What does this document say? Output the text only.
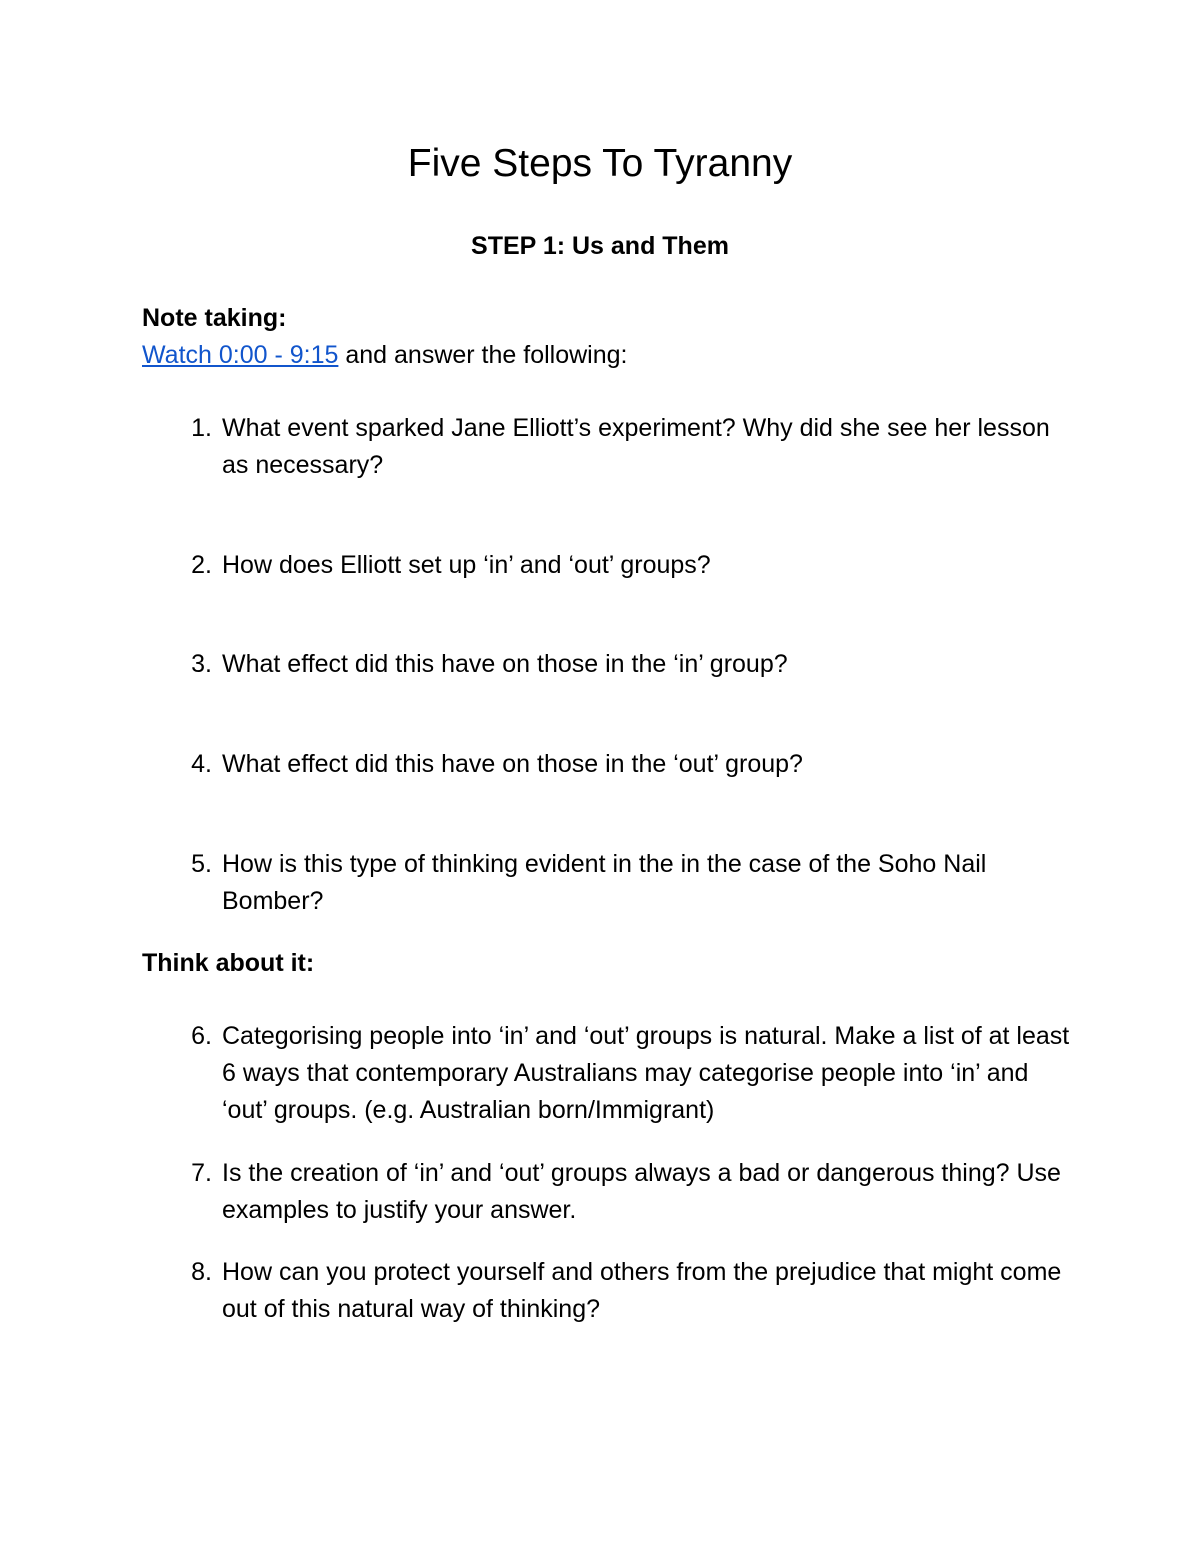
Five Steps To Tyranny
STEP 1: Us and Them

Note taking:

Watch 0:00 - 9:15 and answer the following:

1. What event sparked Jane Elliott’s experiment? Why did she see her lesson as necessary?
2. How does Elliott set up ‘in’ and ‘out’ groups?
3. What effect did this have on those in the ‘in’ group?
4. What effect did this have on those in the ‘out’ group?
5. How is this type of thinking evident in the in the case of the Soho Nail Bomber?

Think about it:

6. Categorising people into ‘in’ and ‘out’ groups is natural. Make a list of at least 6 ways that contemporary Australians may categorise people into ‘in’ and ‘out’ groups. (e.g. Australian born/Immigrant)
7. Is the creation of ‘in’ and ‘out’ groups always a bad or dangerous thing? Use examples to justify your answer.
8. How can you protect yourself and others from the prejudice that might come out of this natural way of thinking?
